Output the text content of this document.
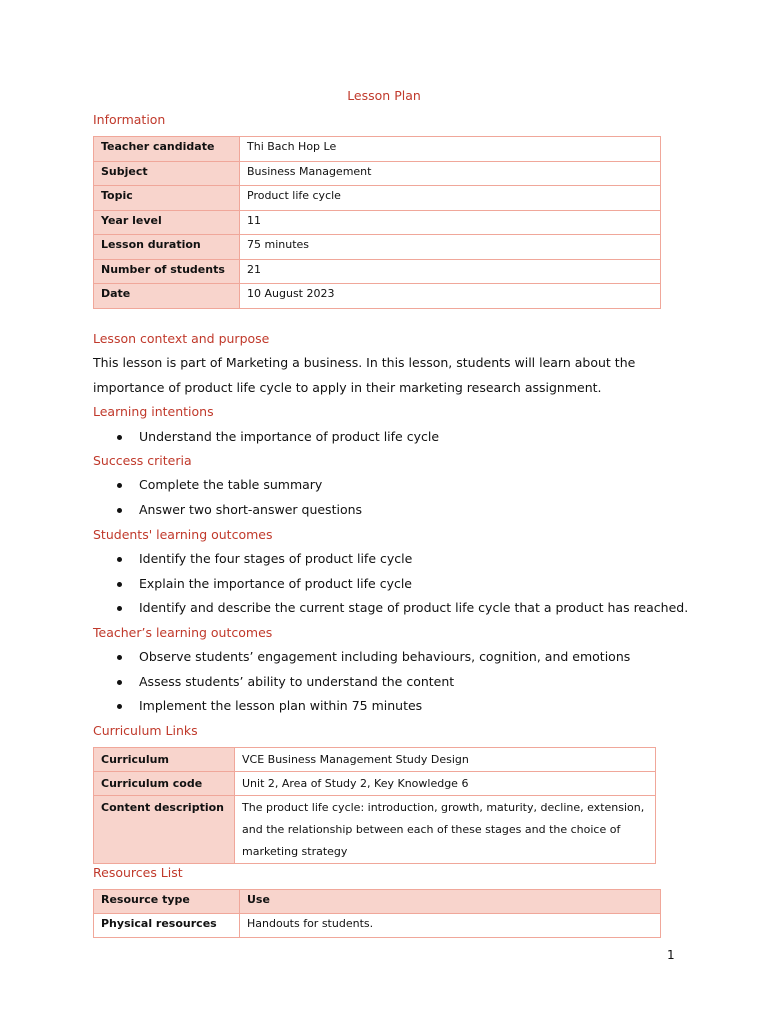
Lesson Plan
Information
Teacher candidate	Thi Bach Hop Le
Subject	Business Management
Topic	Product life cycle
Year level	11
Lesson duration	75 minutes
Number of students	21
Date	10 August 2023
Lesson context and purpose
This lesson is part of Marketing a business. In this lesson, students will learn about the importance of product life cycle to apply in their marketing research assignment.
Learning intentions
Understand the importance of product life cycle
Success criteria
Complete the table summary
Answer two short-answer questions
Students' learning outcomes
Identify the four stages of product life cycle
Explain the importance of product life cycle
Identify and describe the current stage of product life cycle that a product has reached.
Teacher’s learning outcomes
Observe students’ engagement including behaviours, cognition, and emotions
Assess students’ ability to understand the content
Implement the lesson plan within 75 minutes
Curriculum Links
Curriculum	VCE Business Management Study Design
Curriculum code	Unit 2, Area of Study 2, Key Knowledge 6
Content description	The product life cycle: introduction, growth, maturity, decline, extension, and the relationship between each of these stages and the choice of marketing strategy
Resources List
Resource type	Use
Physical resources	Handouts for students.
1
